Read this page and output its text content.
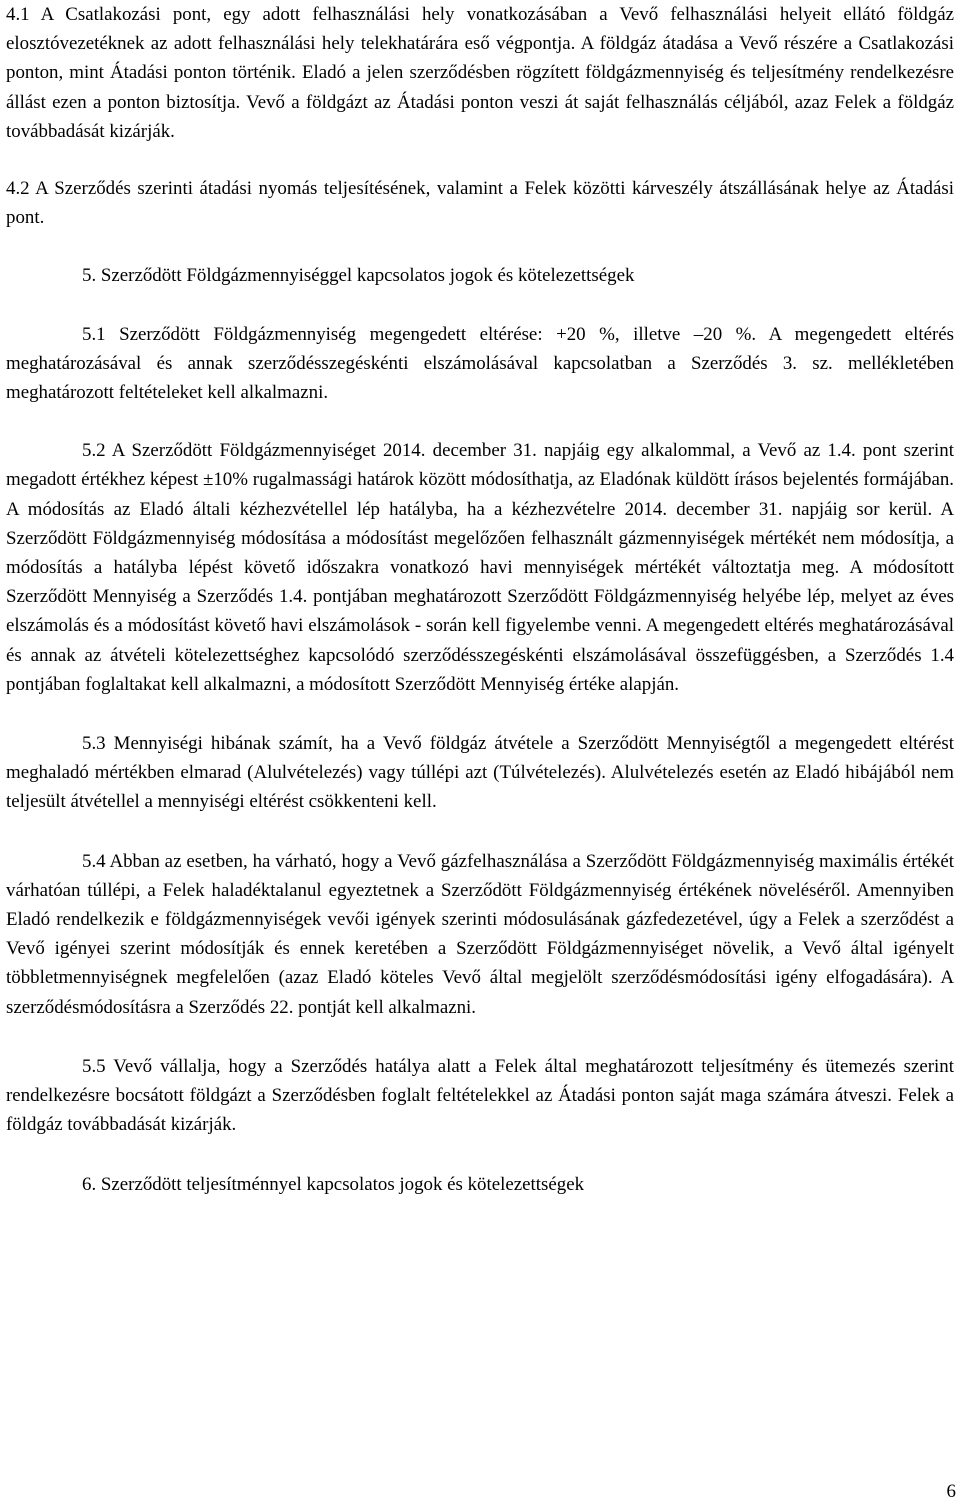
4.1 A Csatlakozási pont, egy adott felhasználási hely vonatkozásában a Vevő felhasználási helyeit ellátó földgáz elosztóvezetéknek az adott felhasználási hely telekhatárára eső végpontja. A földgáz átadása a Vevő részére a Csatlakozási ponton, mint Átadási ponton történik. Eladó a jelen szerződésben rögzített földgázmennyiség és teljesítmény rendelkezésre állást ezen a ponton biztosítja. Vevő a földgázt az Átadási ponton veszi át saját felhasználás céljából, azaz Felek a földgáz továbbadását kizárják.

4.2 A Szerződés szerinti átadási nyomás teljesítésének, valamint a Felek közötti kárveszély átszállásának helye az Átadási pont.

5. Szerződött Földgázmennyiséggel kapcsolatos jogok és kötelezettségek

5.1 Szerződött Földgázmennyiség megengedett eltérése: +20 %, illetve –20 %. A megengedett eltérés meghatározásával és annak szerződésszegéskénti elszámolásával kapcsolatban a Szerződés 3. sz. mellékletében meghatározott feltételeket kell alkalmazni.

5.2 A Szerződött Földgázmennyiséget 2014. december 31. napjáig egy alkalommal, a Vevő az 1.4. pont szerint megadott értékhez képest ±10% rugalmassági határok között módosíthatja, az Eladónak küldött írásos bejelentés formájában. A módosítás az Eladó általi kézhezvétellel lép hatályba, ha a kézhezvételre 2014. december 31. napjáig sor kerül. A Szerződött Földgázmennyiség módosítása a módosítást megelőzően felhasznált gázmennyiségek mértékét nem módosítja, a módosítás a hatályba lépést követő időszakra vonatkozó havi mennyiségek mértékét változtatja meg. A módosított Szerződött Mennyiség a Szerződés 1.4. pontjában meghatározott Szerződött Földgázmennyiség helyébe lép, melyet az éves elszámolás és a módosítást követő havi elszámolások - során kell figyelembe venni. A megengedett eltérés meghatározásával és annak az átvételi kötelezettséghez kapcsolódó szerződésszegéskénti elszámolásával összefüggésben, a Szerződés 1.4 pontjában foglaltakat kell alkalmazni, a módosított Szerződött Mennyiség értéke alapján.

5.3 Mennyiségi hibának számít, ha a Vevő földgáz átvétele a Szerződött Mennyiségtől a megengedett eltérést meghaladó mértékben elmarad (Alulvételezés) vagy túllépi azt (Túlvételezés). Alulvételezés esetén az Eladó hibájából nem teljesült átvétellel a mennyiségi eltérést csökkenteni kell.

5.4 Abban az esetben, ha várható, hogy a Vevő gázfelhasználása a Szerződött Földgázmennyiség maximális értékét várhatóan túllépi, a Felek haladéktalanul egyeztetnek a Szerződött Földgázmennyiség értékének növeléséről. Amennyiben Eladó rendelkezik e földgázmennyiségek vevői igények szerinti módosulásának gázfedezetével, úgy a Felek a szerződést a Vevő igényei szerint módosítják és ennek keretében a Szerződött Földgázmennyiséget növelik, a Vevő által igényelt többletmennyiségnek megfelelően (azaz Eladó köteles Vevő által megjelölt szerződésmódosítási igény elfogadására). A szerződésmódosításra a Szerződés 22. pontját kell alkalmazni.

5.5 Vevő vállalja, hogy a Szerződés hatálya alatt a Felek által meghatározott teljesítmény és ütemezés szerint rendelkezésre bocsátott földgázt a Szerződésben foglalt feltételekkel az Átadási ponton saját maga számára átveszi. Felek a földgáz továbbadását kizárják.

6. Szerződött teljesítménnyel kapcsolatos jogok és kötelezettségek

6
